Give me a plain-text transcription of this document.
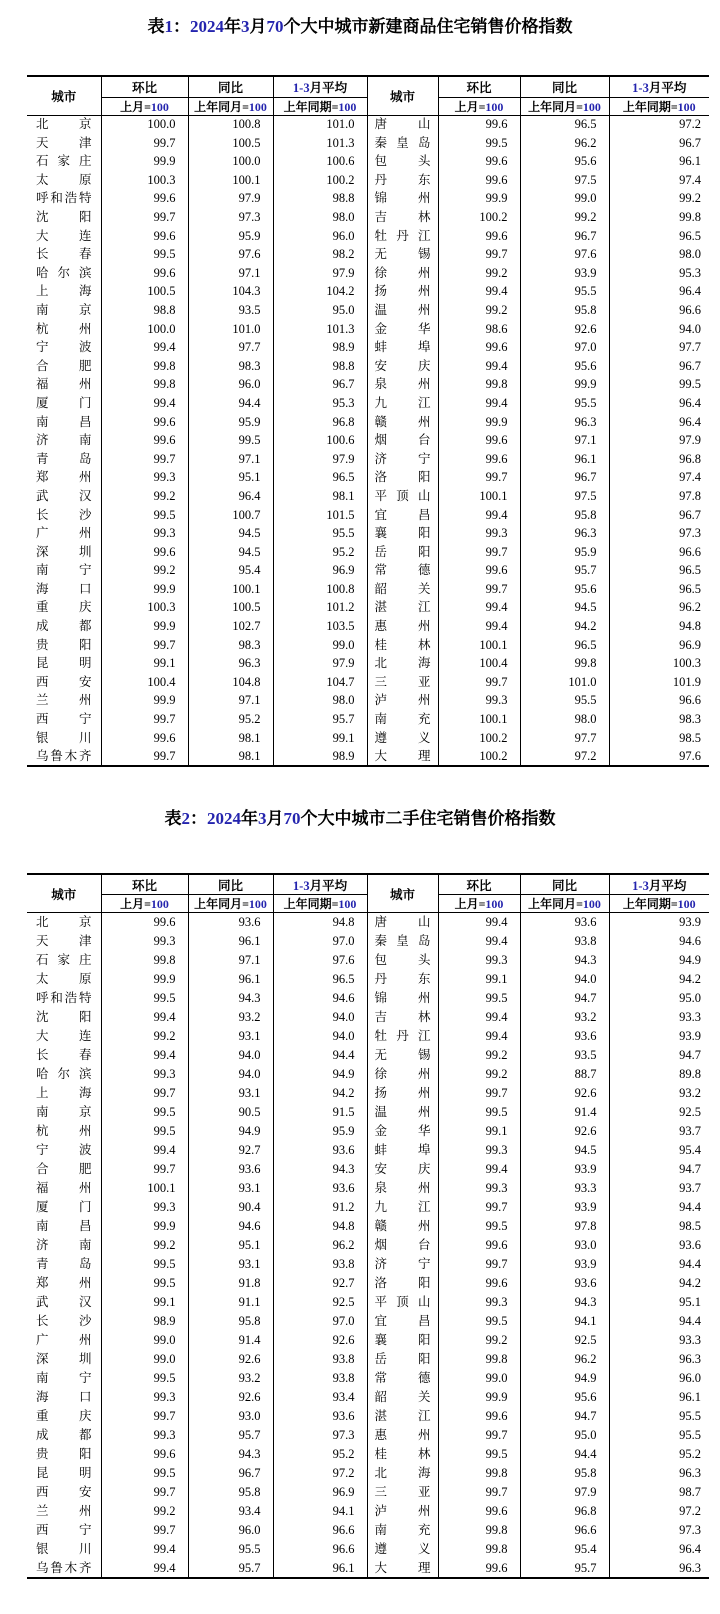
表1：2024年3月70个大中城市新建商品住宅销售价格指数
城市	环比	同比	1-3月平均	城市	环比	同比	1-3月平均
	上月=100	上年同月=100	上年同期=100		上月=100	上年同月=100	上年同期=100
北京	100.0	100.8	101.0	唐山	99.6	96.5	97.2
天津	99.7	100.5	101.3	秦皇岛	99.5	96.2	96.7
石家庄	99.9	100.0	100.6	包头	99.6	95.6	96.1
太原	100.3	100.1	100.2	丹东	99.6	97.5	97.4
呼和浩特	99.6	97.9	98.8	锦州	99.9	99.0	99.2
沈阳	99.7	97.3	98.0	吉林	100.2	99.2	99.8
大连	99.6	95.9	96.0	牡丹江	99.6	96.7	96.5
长春	99.5	97.6	98.2	无锡	99.7	97.6	98.0
哈尔滨	99.6	97.1	97.9	徐州	99.2	93.9	95.3
上海	100.5	104.3	104.2	扬州	99.4	95.5	96.4
南京	98.8	93.5	95.0	温州	99.2	95.8	96.6
杭州	100.0	101.0	101.3	金华	98.6	92.6	94.0
宁波	99.4	97.7	98.9	蚌埠	99.6	97.0	97.7
合肥	99.8	98.3	98.8	安庆	99.4	95.6	96.7
福州	99.8	96.0	96.7	泉州	99.8	99.9	99.5
厦门	99.4	94.4	95.3	九江	99.4	95.5	96.4
南昌	99.6	95.9	96.8	赣州	99.9	96.3	96.4
济南	99.6	99.5	100.6	烟台	99.6	97.1	97.9
青岛	99.7	97.1	97.9	济宁	99.6	96.1	96.8
郑州	99.3	95.1	96.5	洛阳	99.7	96.7	97.4
武汉	99.2	96.4	98.1	平顶山	100.1	97.5	97.8
长沙	99.5	100.7	101.5	宜昌	99.4	95.8	96.7
广州	99.3	94.5	95.5	襄阳	99.3	96.3	97.3
深圳	99.6	94.5	95.2	岳阳	99.7	95.9	96.6
南宁	99.2	95.4	96.9	常德	99.6	95.7	96.5
海口	99.9	100.1	100.8	韶关	99.7	95.6	96.5
重庆	100.3	100.5	101.2	湛江	99.4	94.5	96.2
成都	99.9	102.7	103.5	惠州	99.4	94.2	94.8
贵阳	99.7	98.3	99.0	桂林	100.1	96.5	96.9
昆明	99.1	96.3	97.9	北海	100.4	99.8	100.3
西安	100.4	104.8	104.7	三亚	99.7	101.0	101.9
兰州	99.9	97.1	98.0	泸州	99.3	95.5	96.6
西宁	99.7	95.2	95.7	南充	100.1	98.0	98.3
银川	99.6	98.1	99.1	遵义	100.2	97.7	98.5
乌鲁木齐	99.7	98.1	98.9	大理	100.2	97.2	97.6
表2：2024年3月70个大中城市二手住宅销售价格指数
城市	环比	同比	1-3月平均	城市	环比	同比	1-3月平均
	上月=100	上年同月=100	上年同期=100		上月=100	上年同月=100	上年同期=100
北京	99.6	93.6	94.8	唐山	99.4	93.6	93.9
天津	99.3	96.1	97.0	秦皇岛	99.4	93.8	94.6
石家庄	99.8	97.1	97.6	包头	99.3	94.3	94.9
太原	99.9	96.1	96.5	丹东	99.1	94.0	94.2
呼和浩特	99.5	94.3	94.6	锦州	99.5	94.7	95.0
沈阳	99.4	93.2	94.0	吉林	99.4	93.2	93.3
大连	99.2	93.1	94.0	牡丹江	99.4	93.6	93.9
长春	99.4	94.0	94.4	无锡	99.2	93.5	94.7
哈尔滨	99.3	94.0	94.9	徐州	99.2	88.7	89.8
上海	99.7	93.1	94.2	扬州	99.7	92.6	93.2
南京	99.5	90.5	91.5	温州	99.5	91.4	92.5
杭州	99.5	94.9	95.9	金华	99.1	92.6	93.7
宁波	99.4	92.7	93.6	蚌埠	99.3	94.5	95.4
合肥	99.7	93.6	94.3	安庆	99.4	93.9	94.7
福州	100.1	93.1	93.6	泉州	99.3	93.3	93.7
厦门	99.3	90.4	91.2	九江	99.7	93.9	94.4
南昌	99.9	94.6	94.8	赣州	99.5	97.8	98.5
济南	99.2	95.1	96.2	烟台	99.6	93.0	93.6
青岛	99.5	93.1	93.8	济宁	99.7	93.9	94.4
郑州	99.5	91.8	92.7	洛阳	99.6	93.6	94.2
武汉	99.1	91.1	92.5	平顶山	99.3	94.3	95.1
长沙	98.9	95.8	97.0	宜昌	99.5	94.1	94.4
广州	99.0	91.4	92.6	襄阳	99.2	92.5	93.3
深圳	99.0	92.6	93.8	岳阳	99.8	96.2	96.3
南宁	99.5	93.2	93.8	常德	99.0	94.9	96.0
海口	99.3	92.6	93.4	韶关	99.9	95.6	96.1
重庆	99.7	93.0	93.6	湛江	99.6	94.7	95.5
成都	99.3	95.7	97.3	惠州	99.7	95.0	95.5
贵阳	99.6	94.3	95.2	桂林	99.5	94.4	95.2
昆明	99.5	96.7	97.2	北海	99.8	95.8	96.3
西安	99.7	95.8	96.9	三亚	99.7	97.9	98.7
兰州	99.2	93.4	94.1	泸州	99.6	96.8	97.2
西宁	99.7	96.0	96.6	南充	99.8	96.6	97.3
银川	99.4	95.5	96.6	遵义	99.8	95.4	96.4
乌鲁木齐	99.4	95.7	96.1	大理	99.6	95.7	96.3
